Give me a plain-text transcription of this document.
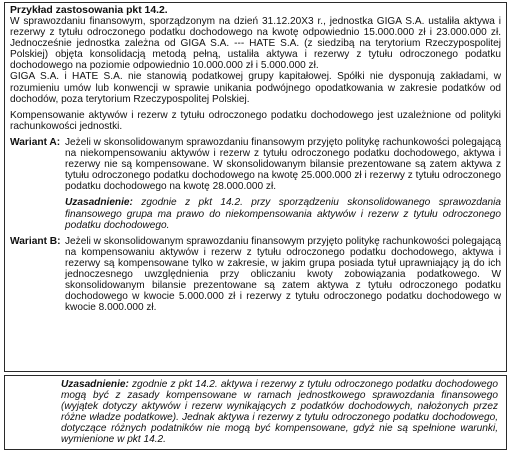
Przykład zastosowania pkt 14.2.

W sprawozdaniu finansowym, sporządzonym na dzień 31.12.20X3 r., jednostka GIGA S.A. ustaliła aktywa i rezerwy z tytułu odroczonego podatku dochodowego na kwotę odpowiednio 15.000.000 zł i 23.000.000 zł. Jednocześnie jednostka zależna od GIGA S.A. --- HATE S.A. (z siedzibą na terytorium Rzeczypospolitej Polskiej) objęta konsolidacją metodą pełną, ustaliła aktywa i rezerwy z tytułu odroczonego podatku dochodowego na poziomie odpowiednio 10.000.000 zł i 5.000.000 zł.

GIGA S.A. i HATE S.A. nie stanowią podatkowej grupy kapitałowej. Spółki nie dysponują zakładami, w rozumieniu umów lub konwencji w sprawie unikania podwójnego opodatkowania w zakresie podatków od dochodów, poza terytorium Rzeczypospolitej Polskiej.

Kompensowanie aktywów i rezerw z tytułu odroczonego podatku dochodowego jest uzależnione od polityki rachunkowości jednostki.

Wariant A: Jeżeli w skonsolidowanym sprawozdaniu finansowym przyjęto politykę rachunkowości polegającą na niekompensowaniu aktywów i rezerw z tytułu odroczonego podatku dochodowego, aktywa i rezerwy nie są kompensowane. W skonsolidowanym bilansie prezentowane są zatem aktywa z tytułu odroczonego podatku dochodowego na kwotę 25.000.000 zł i rezerwy z tytułu odroczonego podatku dochodowego na kwotę 28.000.000 zł.

Uzasadnienie: zgodnie z pkt 14.2. przy sporządzeniu skonsolidowanego sprawozdania finansowego grupa ma prawo do niekompensowania aktywów i rezerw z tytułu odroczonego podatku dochodowego.

Wariant B: Jeżeli w skonsolidowanym sprawozdaniu finansowym przyjęto politykę rachunkowości polegającą na kompensowaniu aktywów i rezerw z tytułu odroczonego podatku dochodowego, aktywa i rezerwy są kompensowane tylko w zakresie, w jakim grupa posiada tytuł uprawniający ją do ich jednoczesnego uwzględnienia przy obliczaniu kwoty zobowiązania podatkowego. W skonsolidowanym bilansie prezentowane są zatem aktywa z tytułu odroczonego podatku dochodowego w kwocie 5.000.000 zł i rezerwy z tytułu odroczonego podatku dochodowego w kwocie 8.000.000 zł.

Uzasadnienie: zgodnie z pkt 14.2. aktywa i rezerwy z tytułu odroczonego podatku dochodowego mogą być z zasady kompensowane w ramach jednostkowego sprawozdania finansowego (wyjątek dotyczy aktywów i rezerw wynikających z podatków dochodowych, nałożonych przez różne władze podatkowe). Jednak aktywa i rezerwy z tytułu odroczonego podatku dochodowego, dotyczące różnych podatników nie mogą być kompensowane, gdyż nie są spełnione warunki, wymienione w pkt 14.2.
